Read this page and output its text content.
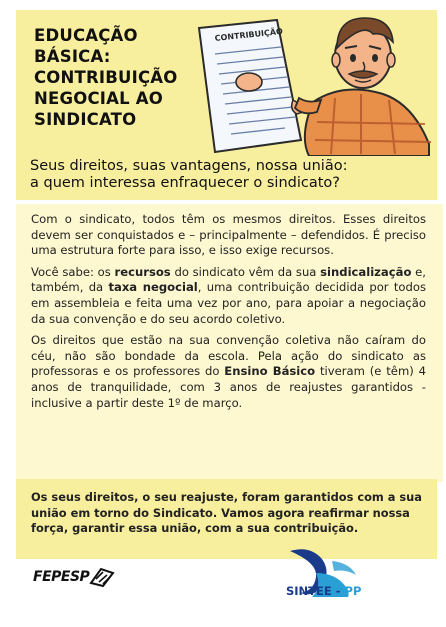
EDUCAÇÃO
BÁSICA:
CONTRIBUIÇÃO
NEGOCIAL AO
SINDICATO
CONTRIBUIÇÃO
Seus direitos, suas vantagens, nossa união:
a quem interessa enfraquecer o sindicato?

Com o sindicato, todos têm os mesmos direitos. Esses direitos devem ser conquistados e – principalmente – defendidos. É preciso uma estrutura forte para isso, e isso exige recursos.

Você sabe: os recursos do sindicato vêm da sua sindicalização e, também, da taxa negocial, uma contribuição decidida por todos em assembleia e feita uma vez por ano, para apoiar a negociação da sua convenção e do seu acordo coletivo.

Os direitos que estão na sua convenção coletiva não caíram do céu, não são bondade da escola. Pela ação do sindicato as professoras e os professores do Ensino Básico tiveram (e têm) 4 anos de tranquilidade, com 3 anos de reajustes garantidos - inclusive a partir deste 1º de março.

Os seus direitos, o seu reajuste, foram garantidos com a sua união em torno do Sindicato. Vamos agora reafirmar nossa força, garantir essa união, com a sua contribuição.
FEPESP
SINTEE - PP
